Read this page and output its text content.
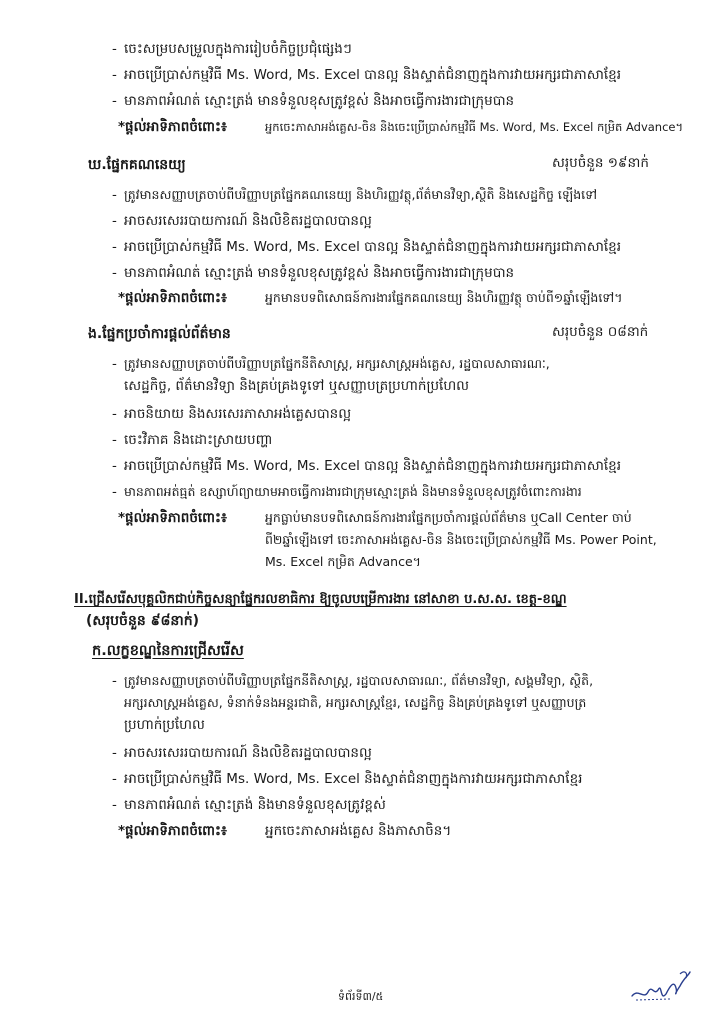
- ចេះសម្របសម្រួលក្នុងការរៀបចំកិច្ចប្រជុំផ្សេងៗ
- អាចប្រើប្រាស់កម្មវិធី Ms. Word, Ms. Excel បានល្អ និងស្ទាត់ជំនាញក្នុងការវាយអក្សរជាភាសាខ្មែរ
- មានភាពអំណត់ ស្មោះត្រង់ មានទំនួលខុសត្រូវខ្ពស់ និងអាចធ្វើការងារជាក្រុមបាន
*ផ្តល់អាទិភាពចំពោះ៖	អ្នកចេះភាសាអង់គ្លេស-ចិន និងចេះប្រើប្រាស់កម្មវិធី Ms. Word, Ms. Excel កម្រិត Advance។
ឃ.ផ្នែកគណនេយ្យ	សរុបចំនួន ១៩នាក់
- ត្រូវមានសញ្ញាបត្រចាប់ពីបរិញ្ញាបត្រផ្នែកគណនេយ្យ និងហិរញ្ញវត្ថុ,ព័ត៌មានវិទ្យា,ស្ថិតិ និងសេដ្ឋកិច្ច ឡើងទៅ
- អាចសរសេររបាយការណ៍ និងលិខិតរដ្ឋបាលបានល្អ
- អាចប្រើប្រាស់កម្មវិធី Ms. Word, Ms. Excel បានល្អ និងស្ទាត់ជំនាញក្នុងការវាយអក្សរជាភាសាខ្មែរ
- មានភាពអំណត់ ស្មោះត្រង់ មានទំនួលខុសត្រូវខ្ពស់ និងអាចធ្វើការងារជាក្រុមបាន
*ផ្តល់អាទិភាពចំពោះ៖	អ្នកមានបទពិសោធន៍ការងារផ្នែកគណនេយ្យ និងហិរញ្ញវត្ថុ ចាប់ពី១ឆ្នាំឡើងទៅ។
ង.ផ្នែកប្រចាំការផ្តល់ព័ត៌មាន	សរុបចំនួន ០៨នាក់
- ត្រូវមានសញ្ញាបត្រចាប់ពីបរិញ្ញាបត្រផ្នែកនីតិសាស្ត្រ, អក្សរសាស្ត្រអង់គ្លេស, រដ្ឋបាលសាធារណៈ,
សេដ្ឋកិច្ច, ព័ត៌មានវិទ្យា និងគ្រប់គ្រងទូទៅ ឬសញ្ញាបត្រប្រហាក់ប្រហែល
- អាចនិយាយ និងសរសេរភាសាអង់គ្លេសបានល្អ
- ចេះវិភាគ និងដោះស្រាយបញ្ហា
- អាចប្រើប្រាស់កម្មវិធី Ms. Word, Ms. Excel បានល្អ និងស្ទាត់ជំនាញក្នុងការវាយអក្សរជាភាសាខ្មែរ
- មានភាពអត់ធ្មត់ ឧស្សាហ៍ព្យាយាមអាចធ្វើការងារជាក្រុមស្មោះត្រង់ និងមានទំនួលខុសត្រូវចំពោះការងារ
*ផ្តល់អាទិភាពចំពោះ៖	អ្នកធ្លាប់មានបទពិសោធន៍ការងារផ្នែកប្រចាំការផ្តល់ព័ត៌មាន ឬCall Center ចាប់
ពី២ឆ្នាំឡើងទៅ ចេះភាសាអង់គ្លេស-ចិន និងចេះប្រើប្រាស់កម្មវិធី Ms. Power Point,
Ms. Excel កម្រិត Advance។
II.ជ្រើសរើសបុគ្គលិកជាប់កិច្ចសន្យាផ្នែករលខាធិការ ឱ្យចូលបម្រើការងារ នៅសាខា ប.ស.ស. ខេត្ត-ខណ្ឌ
(សរុបចំនួន ៩៨នាក់)
ក.លក្ខខណ្ឌនៃការជ្រើសរើស
- ត្រូវមានសញ្ញាបត្រចាប់ពីបរិញ្ញាបត្រផ្នែកនីតិសាស្ត្រ, រដ្ឋបាលសាធារណៈ, ព័ត៌មានវិទ្យា, សង្គមវិទ្យា, ស្ថិតិ,
អក្សរសាស្ត្រអង់គ្លេស, ទំនាក់ទំនងអន្តរជាតិ, អក្សរសាស្ត្រខ្មែរ, សេដ្ឋកិច្ច និងគ្រប់គ្រងទូទៅ ឬសញ្ញាបត្រ
ប្រហាក់ប្រហែល
- អាចសរសេររបាយការណ៍ និងលិខិតរដ្ឋបាលបានល្អ
- អាចប្រើប្រាស់កម្មវិធី Ms. Word, Ms. Excel និងស្ទាត់ជំនាញក្នុងការវាយអក្សរជាភាសាខ្មែរ
- មានភាពអំណត់ ស្មោះត្រង់ និងមានទំនួលខុសត្រូវខ្ពស់
*ផ្តល់អាទិភាពចំពោះ៖	អ្នកចេះភាសាអង់គ្លេស និងភាសាចិន។
ទំព័រទី៣/៥
